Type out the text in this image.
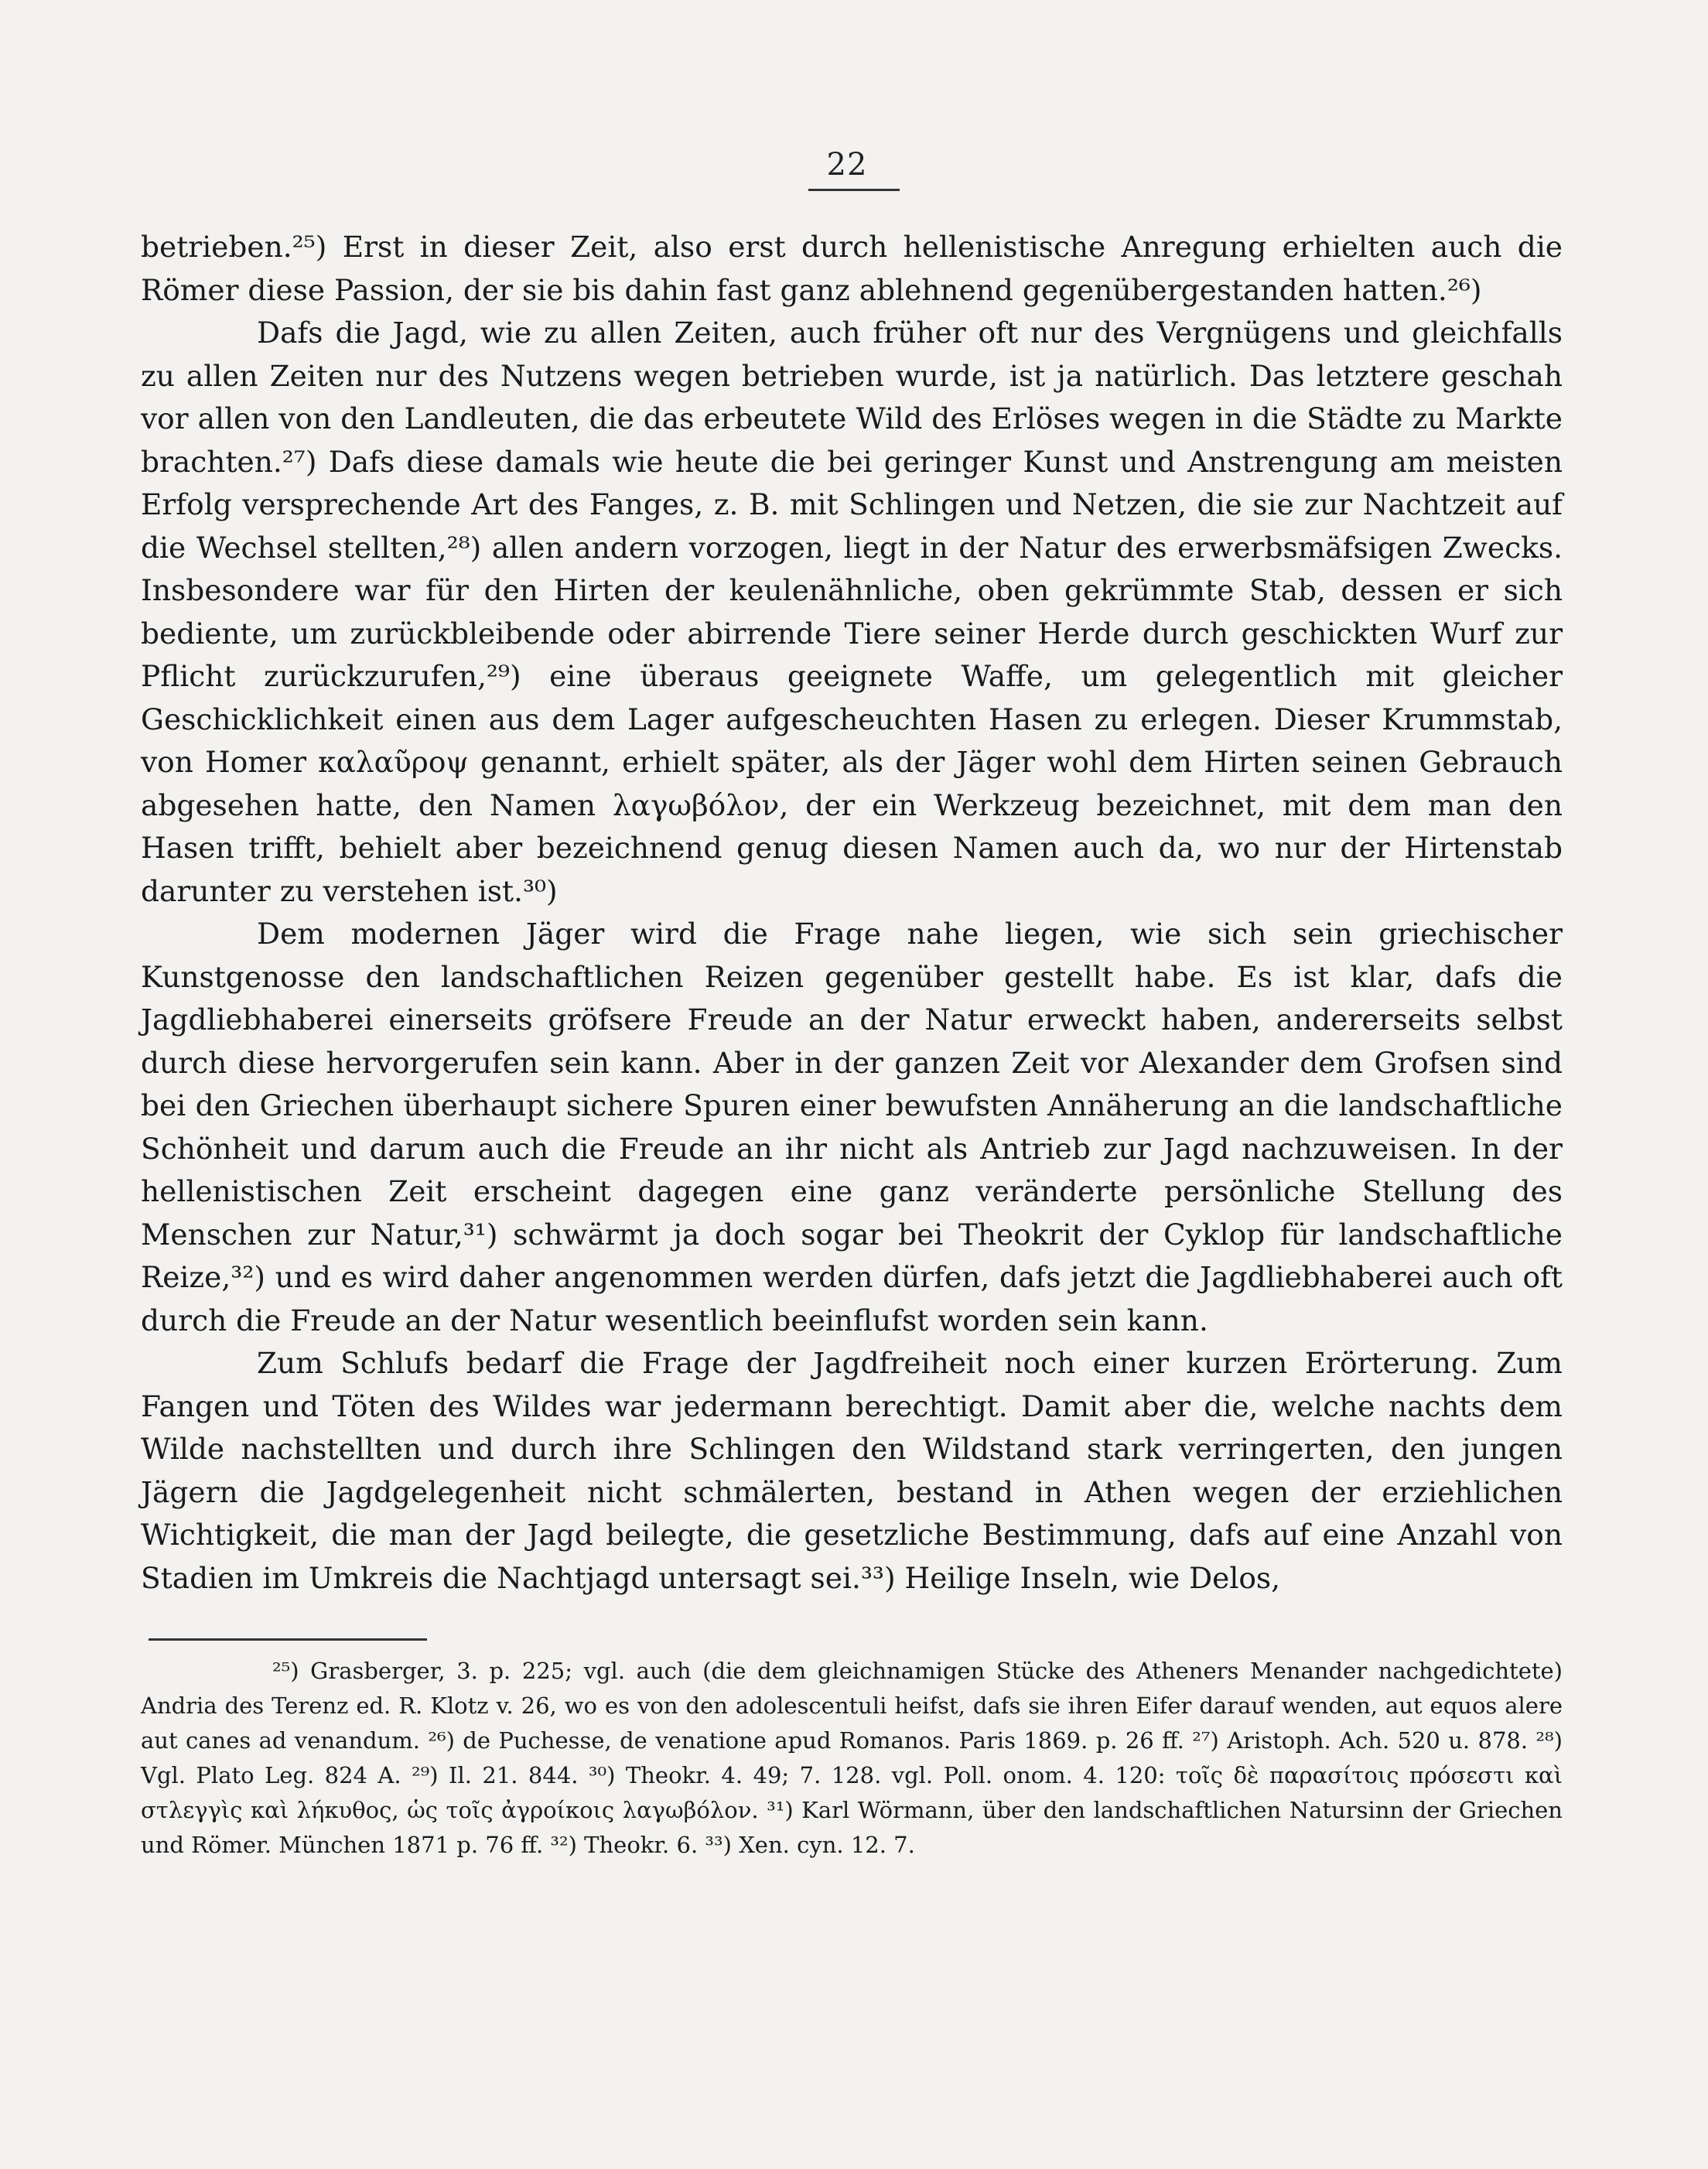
22

betrieben.²⁵) Erst in dieser Zeit, also erst durch hellenistische Anregung erhielten auch die Römer diese Passion, der sie bis dahin fast ganz ablehnend gegenübergestanden hatten.²⁶)

Dafs die Jagd, wie zu allen Zeiten, auch früher oft nur des Vergnügens und gleichfalls zu allen Zeiten nur des Nutzens wegen betrieben wurde, ist ja natürlich. Das letztere geschah vor allen von den Landleuten, die das erbeutete Wild des Erlöses wegen in die Städte zu Markte brachten.²⁷) Dafs diese damals wie heute die bei geringer Kunst und Anstrengung am meisten Erfolg versprechende Art des Fanges, z. B. mit Schlingen und Netzen, die sie zur Nachtzeit auf die Wechsel stellten,²⁸) allen andern vorzogen, liegt in der Natur des erwerbsmäfsigen Zwecks. Insbesondere war für den Hirten der keulenähnliche, oben gekrümmte Stab, dessen er sich bediente, um zurückbleibende oder abirrende Tiere seiner Herde durch geschickten Wurf zur Pflicht zurückzurufen,²⁹) eine überaus geeignete Waffe, um gelegentlich mit gleicher Geschicklichkeit einen aus dem Lager aufgescheuchten Hasen zu erlegen. Dieser Krummstab, von Homer καλαῦροψ genannt, erhielt später, als der Jäger wohl dem Hirten seinen Gebrauch abgesehen hatte, den Namen λαγωβόλον, der ein Werkzeug bezeichnet, mit dem man den Hasen trifft, behielt aber bezeichnend genug diesen Namen auch da, wo nur der Hirtenstab darunter zu verstehen ist.³⁰)

Dem modernen Jäger wird die Frage nahe liegen, wie sich sein griechischer Kunstgenosse den landschaftlichen Reizen gegenüber gestellt habe. Es ist klar, dafs die Jagdliebhaberei einerseits gröfsere Freude an der Natur erweckt haben, andererseits selbst durch diese hervorgerufen sein kann. Aber in der ganzen Zeit vor Alexander dem Grofsen sind bei den Griechen überhaupt sichere Spuren einer bewufsten Annäherung an die landschaftliche Schönheit und darum auch die Freude an ihr nicht als Antrieb zur Jagd nachzuweisen. In der hellenistischen Zeit erscheint dagegen eine ganz veränderte persönliche Stellung des Menschen zur Natur,³¹) schwärmt ja doch sogar bei Theokrit der Cyklop für landschaftliche Reize,³²) und es wird daher angenommen werden dürfen, dafs jetzt die Jagdliebhaberei auch oft durch die Freude an der Natur wesentlich beeinflufst worden sein kann.

Zum Schlufs bedarf die Frage der Jagdfreiheit noch einer kurzen Erörterung. Zum Fangen und Töten des Wildes war jedermann berechtigt. Damit aber die, welche nachts dem Wilde nachstellten und durch ihre Schlingen den Wildstand stark verringerten, den jungen Jägern die Jagdgelegenheit nicht schmälerten, bestand in Athen wegen der erziehlichen Wichtigkeit, die man der Jagd beilegte, die gesetzliche Bestimmung, dafs auf eine Anzahl von Stadien im Umkreis die Nachtjagd untersagt sei.³³) Heilige Inseln, wie Delos,

²⁵) Grasberger, 3. p. 225; vgl. auch (die dem gleichnamigen Stücke des Atheners Menander nachgedichtete) Andria des Terenz ed. R. Klotz v. 26, wo es von den adolescentuli heifst, dafs sie ihren Eifer darauf wenden, aut equos alere aut canes ad venandum. ²⁶) de Puchesse, de venatione apud Romanos. Paris 1869. p. 26 ff. ²⁷) Aristoph. Ach. 520 u. 878. ²⁸) Vgl. Plato Leg. 824 A. ²⁹) Il. 21. 844. ³⁰) Theokr. 4. 49; 7. 128. vgl. Poll. onom. 4. 120: τοῖς δὲ παρασίτοις πρόσεστι καὶ στλεγγὶς καὶ λήκυθος, ὡς τοῖς ἀγροίκοις λαγωβόλον. ³¹) Karl Wörmann, über den landschaftlichen Natursinn der Griechen und Römer. München 1871 p. 76 ff. ³²) Theokr. 6. ³³) Xen. cyn. 12. 7.
